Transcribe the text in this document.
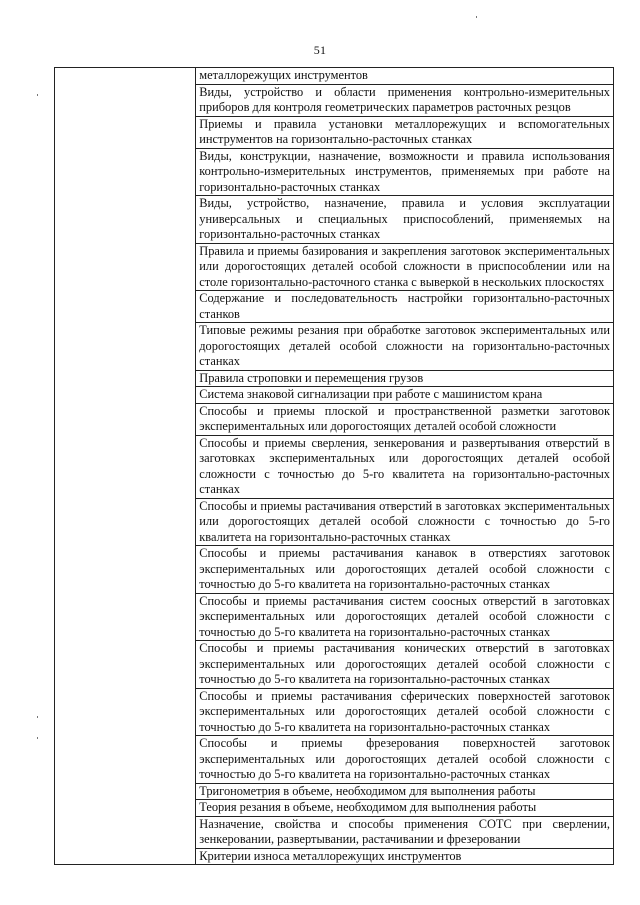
51

металлорежущих инструментов

Виды, устройство и области применения контрольно-измерительных приборов для контроля геометрических параметров расточных резцов

Приемы и правила установки металлорежущих и вспомогательных инструментов на горизонтально-расточных станках

Виды, конструкции, назначение, возможности и правила использования контрольно-измерительных инструментов, применяемых при работе на горизонтально-расточных станках

Виды, устройство, назначение, правила и условия эксплуатации универсальных и специальных приспособлений, применяемых на горизонтально-расточных станках

Правила и приемы базирования и закрепления заготовок экспериментальных или дорогостоящих деталей особой сложности в приспособлении или на столе горизонтально-расточного станка с выверкой в нескольких плоскостях

Содержание и последовательность настройки горизонтально-расточных станков

Типовые режимы резания при обработке заготовок экспериментальных или дорогостоящих деталей особой сложности на горизонтально-расточных станках

Правила строповки и перемещения грузов

Система знаковой сигнализации при работе с машинистом крана

Способы и приемы плоской и пространственной разметки заготовок экспериментальных или дорогостоящих деталей особой сложности

Способы и приемы сверления, зенкерования и развертывания отверстий в заготовках экспериментальных или дорогостоящих деталей особой сложности с точностью до 5-го квалитета на горизонтально-расточных станках

Способы и приемы растачивания отверстий в заготовках экспериментальных или дорогостоящих деталей особой сложности с точностью до 5-го квалитета на горизонтально-расточных станках

Способы и приемы растачивания канавок в отверстиях заготовок экспериментальных или дорогостоящих деталей особой сложности с точностью до 5-го квалитета на горизонтально-расточных станках

Способы и приемы растачивания систем соосных отверстий в заготовках экспериментальных или дорогостоящих деталей особой сложности с точностью до 5-го квалитета на горизонтально-расточных станках

Способы и приемы растачивания конических отверстий в заготовках экспериментальных или дорогостоящих деталей особой сложности с точностью до 5-го квалитета на горизонтально-расточных станках

Способы и приемы растачивания сферических поверхностей заготовок экспериментальных или дорогостоящих деталей особой сложности с точностью до 5-го квалитета на горизонтально-расточных станках

Способы и приемы фрезерования поверхностей заготовок экспериментальных или дорогостоящих деталей особой сложности с точностью до 5-го квалитета на горизонтально-расточных станках

Тригонометрия в объеме, необходимом для выполнения работы

Теория резания в объеме, необходимом для выполнения работы

Назначение, свойства и способы применения СОТС при сверлении, зенкеровании, развертывании, растачивании и фрезеровании

Критерии износа металлорежущих инструментов
